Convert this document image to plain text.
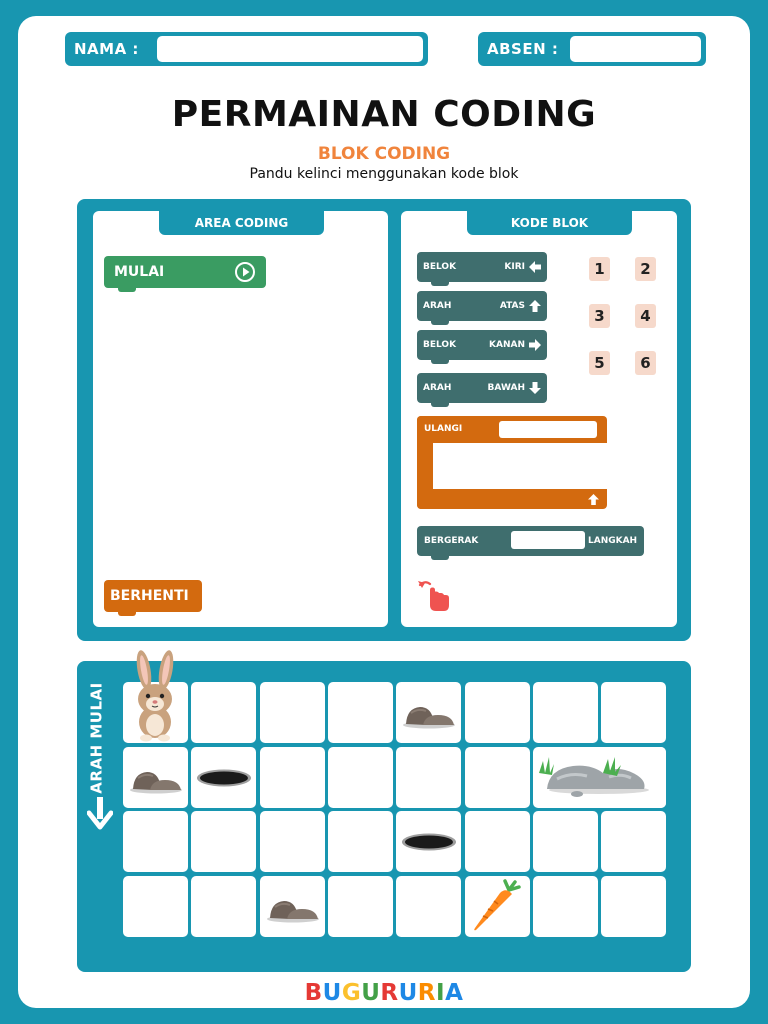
NAMA :	ABSEN :
PERMAINAN CODING
BLOK CODING
Pandu kelinci menggunakan kode blok
AREA CODING
MULAI
BERHENTI
KODE BLOK
BELOK	KIRI
ARAH	ATAS
BELOK	KANAN
ARAH	BAWAH
ULANGI
BERGERAK	LANGKAH
1	2
3	4
5	6
ARAH MULAI
BUGURURIA
